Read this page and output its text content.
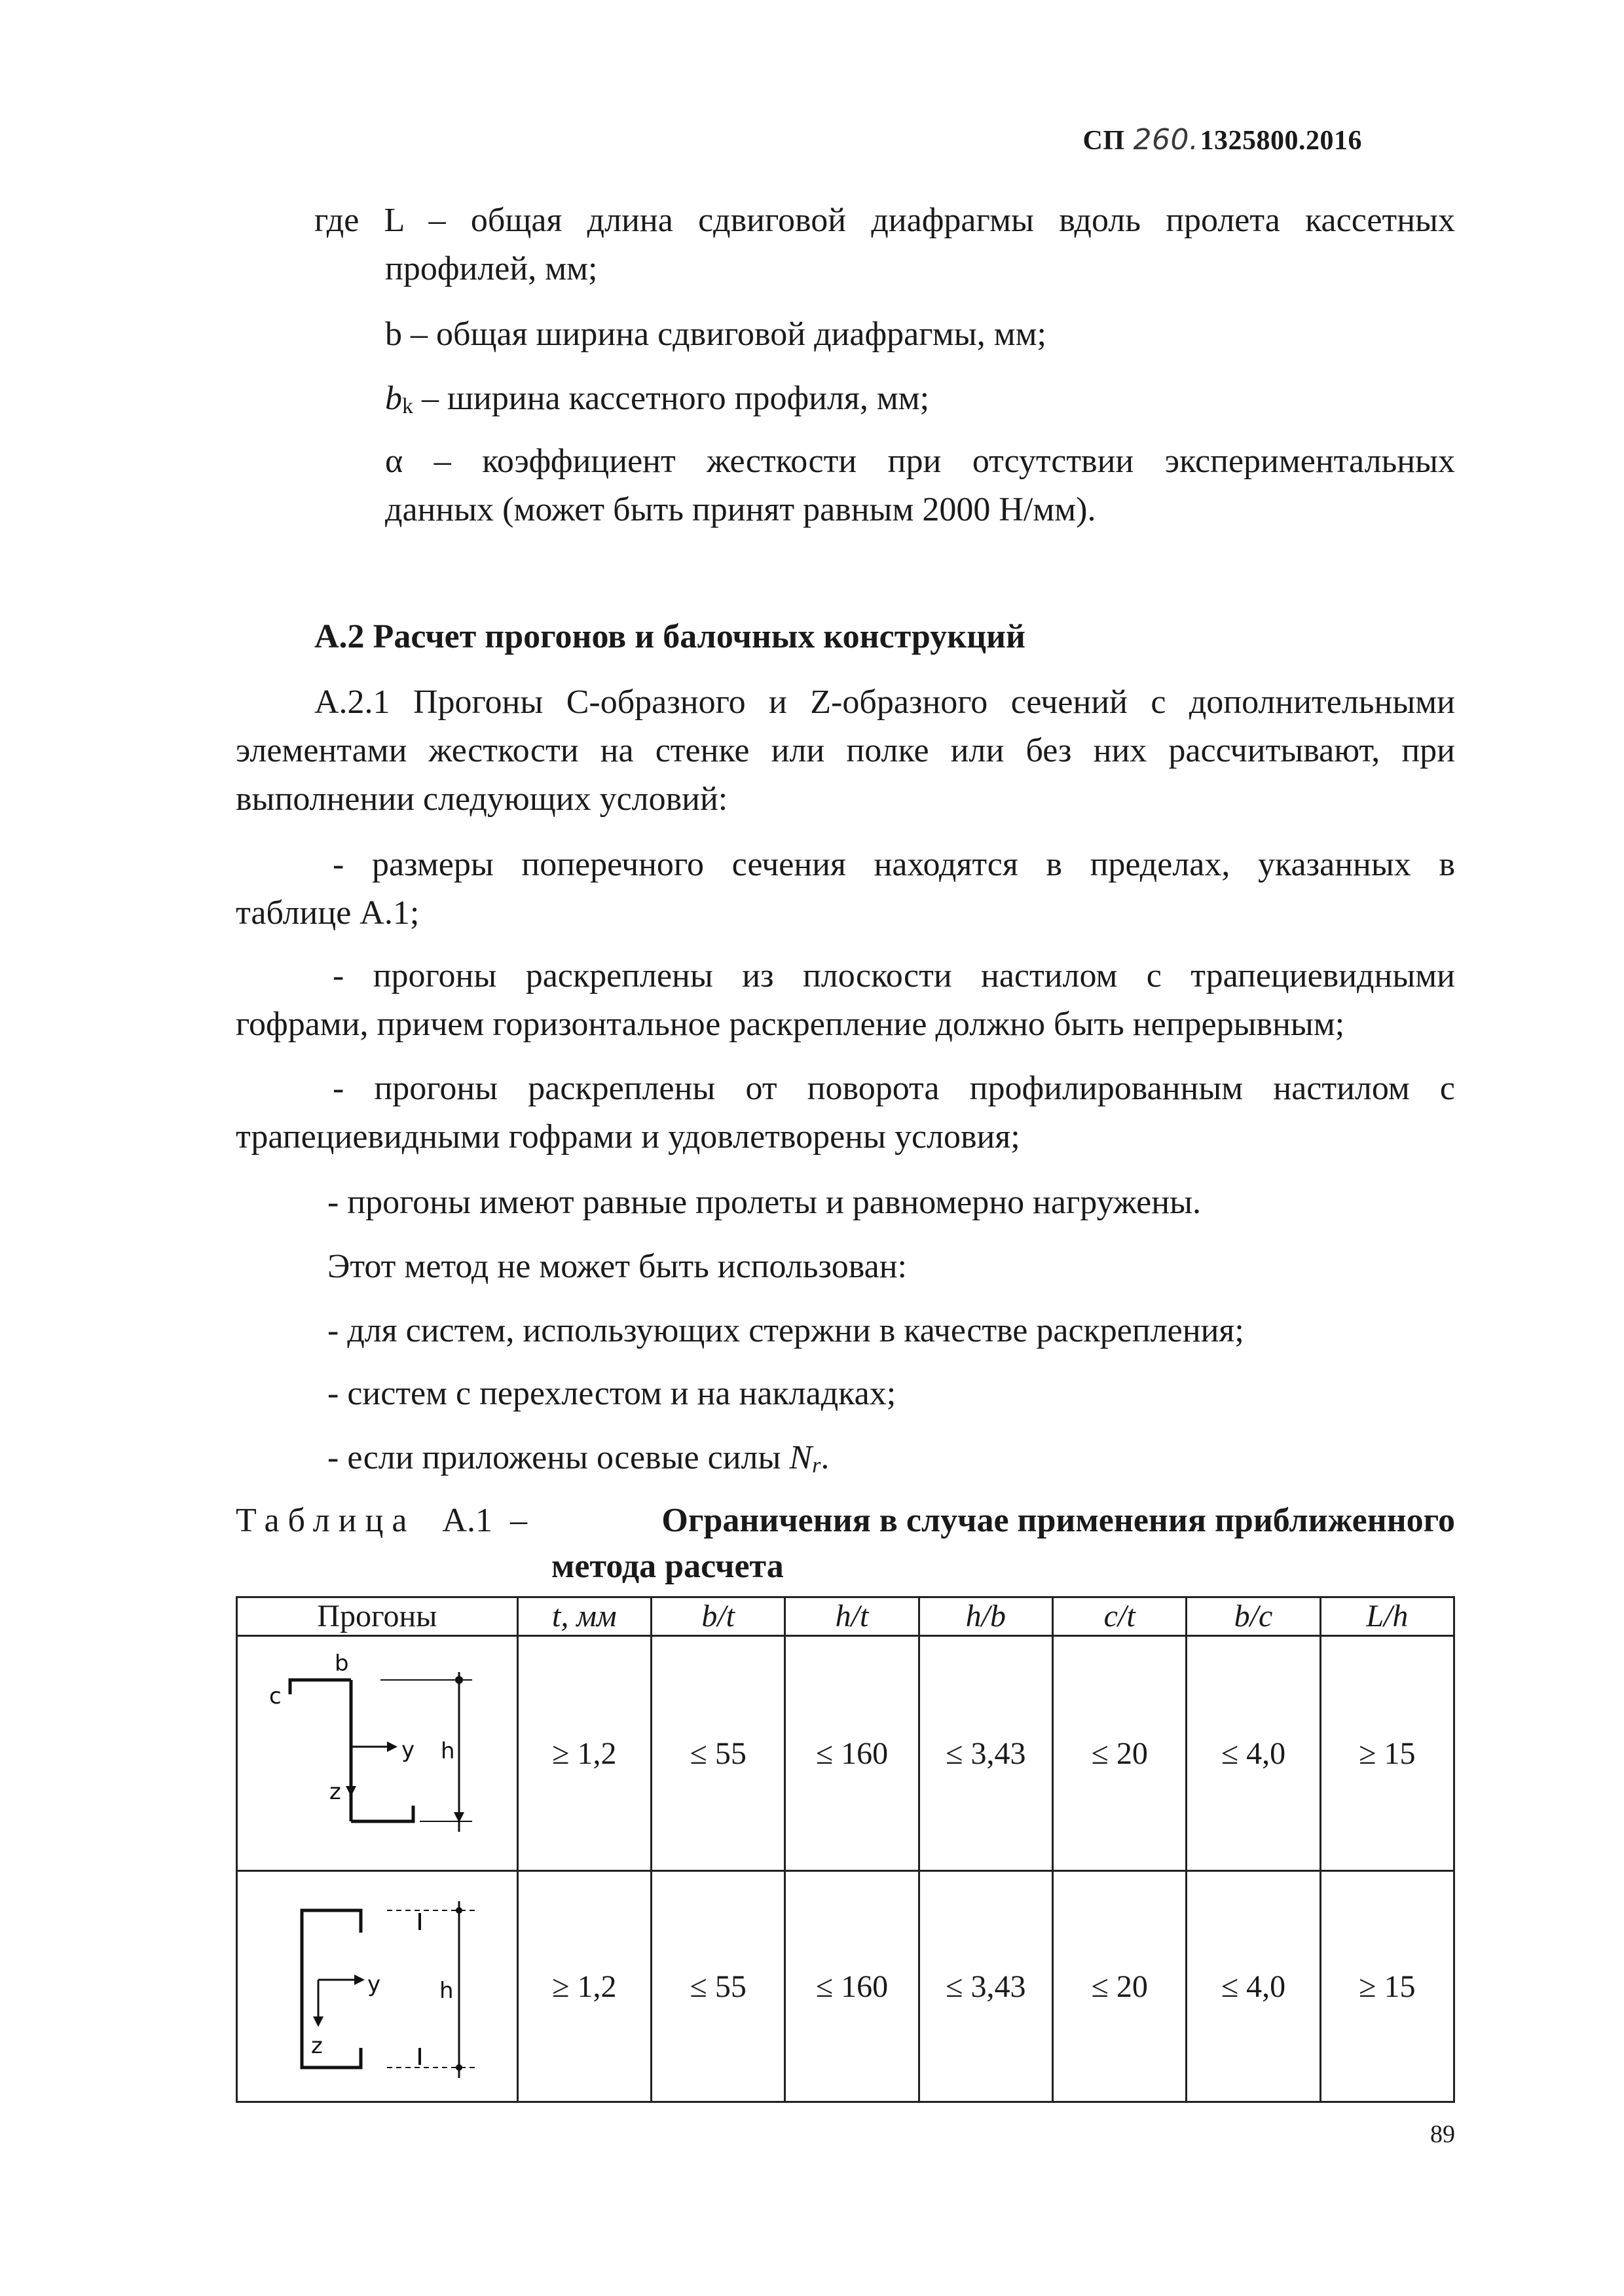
СП 260.1325800.2016
где L – общая длина сдвиговой диафрагмы вдоль пролета кассетных
профилей, мм;
b – общая ширина сдвиговой диафрагмы, мм;
$b_k$ – ширина кассетного профиля, мм;
α – коэффициент жесткости при отсутствии экспериментальных
данных (может быть принят равным 2000 Н/мм).
А.2 Расчет прогонов и балочных конструкций
А.2.1 Прогоны С-образного и Z-образного сечений с дополнительными
элементами жесткости на стенке или полке или без них рассчитывают, при
выполнении следующих условий:
- размеры поперечного сечения находятся в пределах, указанных в
таблице А.1;
- прогоны раскреплены из плоскости настилом с трапециевидными
гофрами, причем горизонтальное раскрепление должно быть непрерывным;
- прогоны раскреплены от поворота профилированным настилом с
трапециевидными гофрами и удовлетворены условия;
- прогоны имеют равные пролеты и равномерно нагружены.
Этот метод не может быть использован:
- для систем, использующих стержни в качестве раскрепления;
- систем с перехлестом и на накладках;
- если приложены осевые силы $N_r$.
Таблица А.1 –	Ограничения в случае применения приближенного
метода расчета
Прогоны	t, мм	b/t	h/t	h/b	c/t	b/c	L/h

b
c
y
z
h	≥ 1,2	≤ 55	≤ 160	≤ 3,43	≤ 20	≤ 4,0	≥ 15

y
z
h	≥ 1,2	≤ 55	≤ 160	≤ 3,43	≤ 20	≤ 4,0	≥ 15
89
